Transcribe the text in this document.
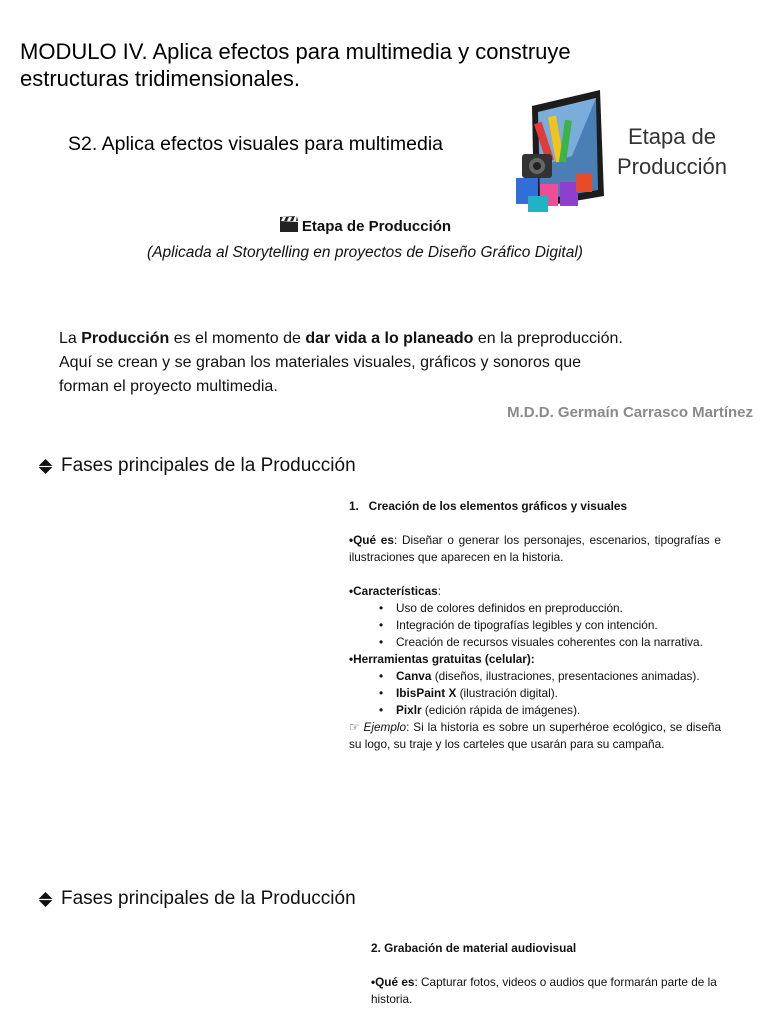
MODULO IV. Aplica efectos para multimedia y construye estructuras tridimensionales.
S2. Aplica efectos visuales para multimedia	Etapa de
Producción
Etapa de Producción
(Aplicada al Storytelling en proyectos de Diseño Gráfico Digital)
La Producción es el momento de dar vida a lo planeado en la preproducción.
Aquí se crean y se graban los materiales visuales, gráficos y sonoros que
forman el proyecto multimedia.
M.D.D. Germaín Carrasco Martínez
Fases principales de la Producción
1.   Creación de los elementos gráficos y visuales
•Qué es: Diseñar o generar los personajes, escenarios, tipografías e ilustraciones que aparecen en la historia.
•Características:
• Uso de colores definidos en preproducción.
• Integración de tipografías legibles y con intención.
• Creación de recursos visuales coherentes con la narrativa.
•Herramientas gratuitas (celular):
• Canva (diseños, ilustraciones, presentaciones animadas).
• IbisPaint X (ilustración digital).
• Pixlr (edición rápida de imágenes).
☞ Ejemplo: Si la historia es sobre un superhéroe ecológico, se diseña su logo, su traje y los carteles que usarán para su campaña.
Fases principales de la Producción
2. Grabación de material audiovisual
•Qué es: Capturar fotos, videos o audios que formarán parte de la historia.
